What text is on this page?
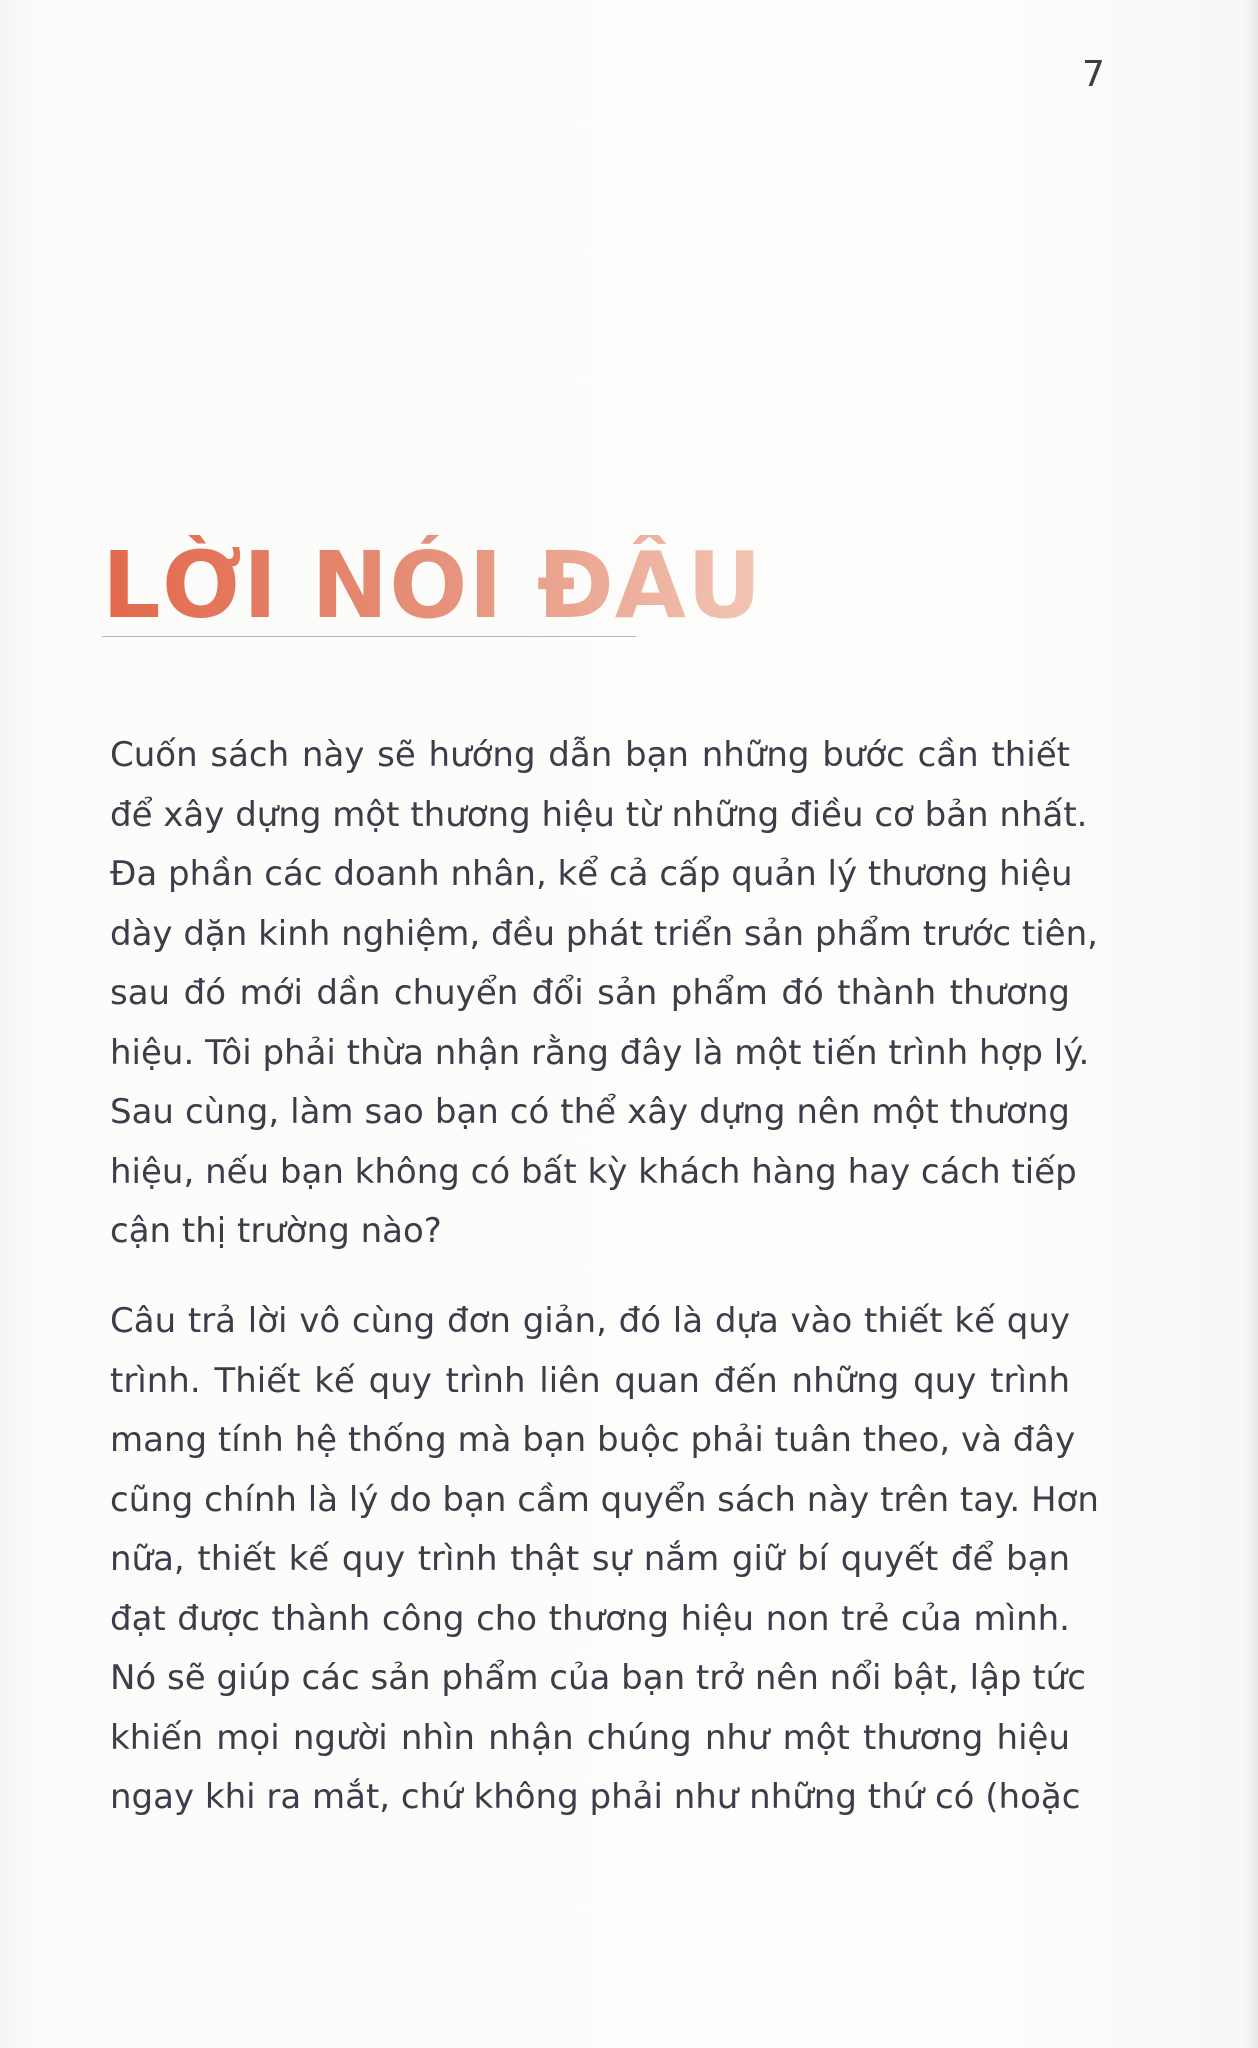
7
LỜI NÓI ĐẦU

Cuốn sách này sẽ hướng dẫn bạn những bước cần thiết
để xây dựng một thương hiệu từ những điều cơ bản nhất.
Đa phần các doanh nhân, kể cả cấp quản lý thương hiệu
dày dặn kinh nghiệm, đều phát triển sản phẩm trước tiên,
sau đó mới dần chuyển đổi sản phẩm đó thành thương
hiệu. Tôi phải thừa nhận rằng đây là một tiến trình hợp lý.
Sau cùng, làm sao bạn có thể xây dựng nên một thương
hiệu, nếu bạn không có bất kỳ khách hàng hay cách tiếp
cận thị trường nào?

Câu trả lời vô cùng đơn giản, đó là dựa vào thiết kế quy
trình. Thiết kế quy trình liên quan đến những quy trình
mang tính hệ thống mà bạn buộc phải tuân theo, và đây
cũng chính là lý do bạn cầm quyển sách này trên tay. Hơn
nữa, thiết kế quy trình thật sự nắm giữ bí quyết để bạn
đạt được thành công cho thương hiệu non trẻ của mình.
Nó sẽ giúp các sản phẩm của bạn trở nên nổi bật, lập tức
khiến mọi người nhìn nhận chúng như một thương hiệu
ngay khi ra mắt, chứ không phải như những thứ có (hoặc
